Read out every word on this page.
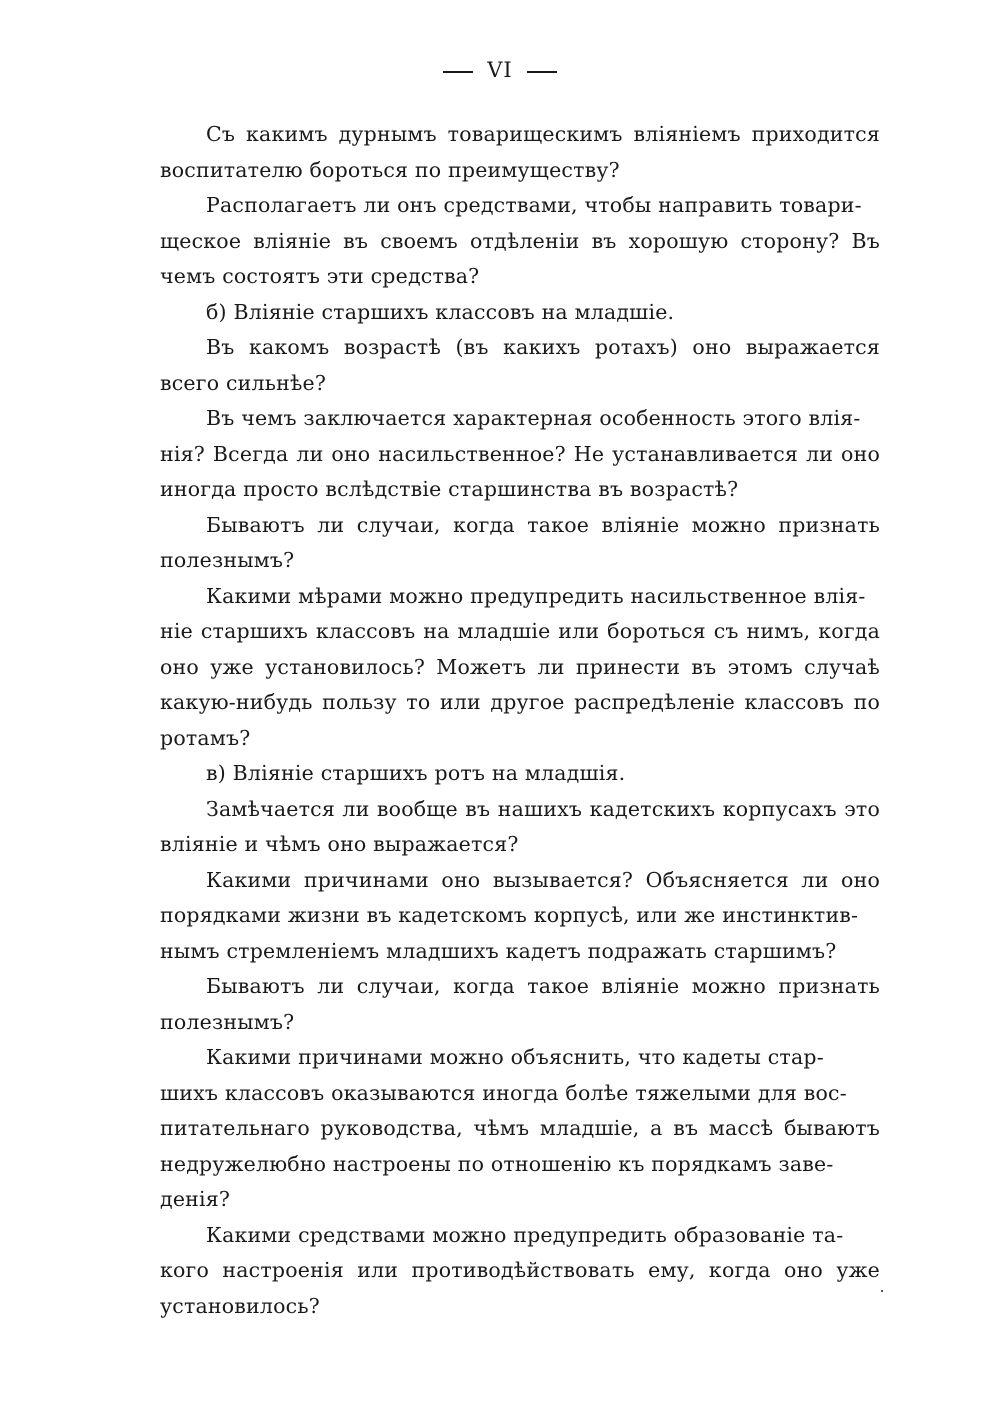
VI

Съ какимъ дурнымъ товарищескимъ вліяніемъ приходится воспитателю бороться по преимуществу?

Располагаетъ ли онъ средствами, чтобы направить товари-
щеское вліяніе въ своемъ отдѣленіи въ хорошую сторону? Въ чемъ состоятъ эти средства?

б) Вліяніе старшихъ классовъ на младшіе.

Въ какомъ возрастѣ (въ какихъ ротахъ) оно выражается всего сильнѣе?

Въ чемъ заключается характерная особенность этого влія-
нія? Всегда ли оно насильственное? Не устанавливается ли оно иногда просто вслѣдствіе старшинства въ возрастѣ?

Бываютъ ли случаи, когда такое вліяніе можно признать полезнымъ?

Какими мѣрами можно предупредить насильственное влія-
ніе старшихъ классовъ на младшіе или бороться съ нимъ, когда оно уже установилось? Можетъ ли принести въ этомъ случаѣ какую-нибудь пользу то или другое распредѣленіе классовъ по ротамъ?

в) Вліяніе старшихъ ротъ на младшія.

Замѣчается ли вообще въ нашихъ кадетскихъ корпусахъ это вліяніе и чѣмъ оно выражается?

Какими причинами оно вызывается? Объясняется ли оно порядками жизни въ кадетскомъ корпусѣ, или же инстинктив-
нымъ стремленіемъ младшихъ кадетъ подражать старшимъ?

Бываютъ ли случаи, когда такое вліяніе можно признать полезнымъ?

Какими причинами можно объяснить, что кадеты стар-
шихъ классовъ оказываются иногда болѣе тяжелыми для вос-
питательнаго руководства, чѣмъ младшіе, а въ массѣ бываютъ недружелюбно настроены по отношенію къ порядкамъ заве-
денія?

Какими средствами можно предупредить образованіе та-
кого настроенія или противодѣйствовать ему, когда оно уже установилось?
